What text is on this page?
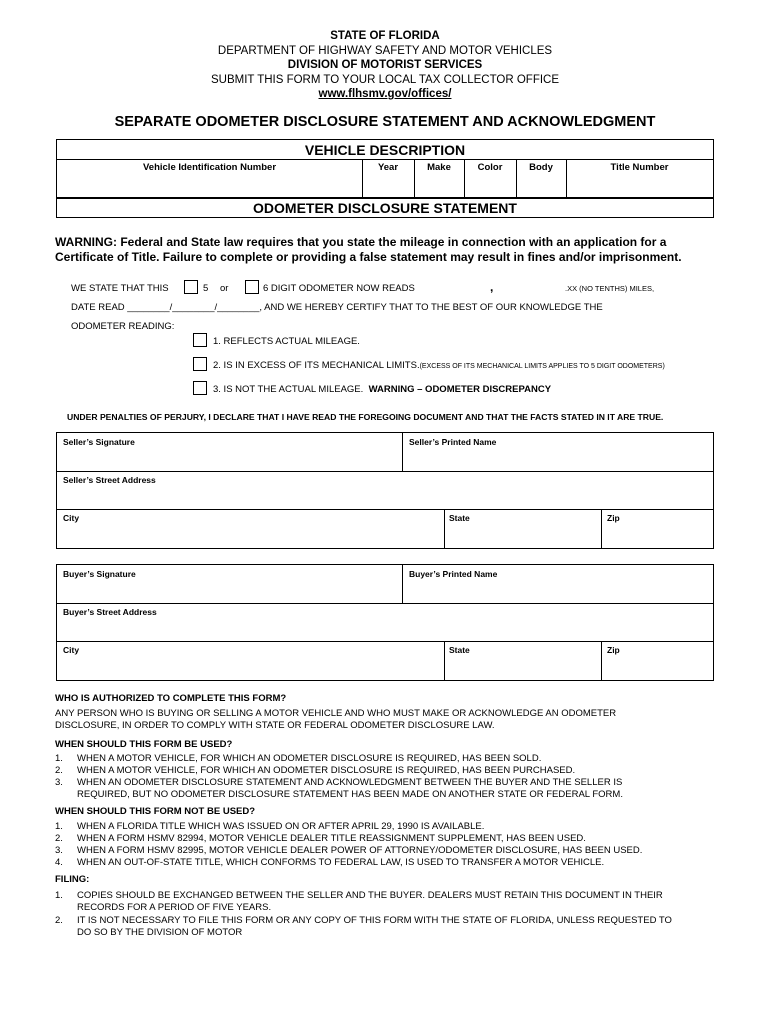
STATE OF FLORIDA
DEPARTMENT OF HIGHWAY SAFETY AND MOTOR VEHICLES
DIVISION OF MOTORIST SERVICES
SUBMIT THIS FORM TO YOUR LOCAL TAX COLLECTOR OFFICE
www.flhsmv.gov/offices/
SEPARATE ODOMETER DISCLOSURE STATEMENT AND ACKNOWLEDGMENT
VEHICLE DESCRIPTION
Vehicle Identification Number	Year	Make	Color	Body	Title Number
ODOMETER DISCLOSURE STATEMENT
WARNING: Federal and State law requires that you state the mileage in connection with an application for a
Certificate of Title. Failure to complete or providing a false statement may result in fines and/or imprisonment.
WE STATE THAT THIS	5 or	6 DIGIT ODOMETER NOW READS	,	.XX (NO TENTHS) MILES,
DATE READ ________/________/________, AND WE HEREBY CERTIFY THAT TO THE BEST OF OUR KNOWLEDGE THE
ODOMETER READING:
1. REFLECTS ACTUAL MILEAGE.
2. IS IN EXCESS OF ITS MECHANICAL LIMITS.(EXCESS OF ITS MECHANICAL LIMITS APPLIES TO 5 DIGIT ODOMETERS)
3. IS NOT THE ACTUAL MILEAGE. WARNING – ODOMETER DISCREPANCY
UNDER PENALTIES OF PERJURY, I DECLARE THAT I HAVE READ THE FOREGOING DOCUMENT AND THAT THE FACTS STATED IN IT ARE TRUE.
Seller’s Signature	Seller’s Printed Name
Seller’s Street Address
City	State	Zip
Buyer’s Signature	Buyer’s Printed Name
Buyer’s Street Address
City	State	Zip
WHO IS AUTHORIZED TO COMPLETE THIS FORM?
ANY PERSON WHO IS BUYING OR SELLING A MOTOR VEHICLE AND WHO MUST MAKE OR ACKNOWLEDGE AN ODOMETER
DISCLOSURE, IN ORDER TO COMPLY WITH STATE OR FEDERAL ODOMETER DISCLOSURE LAW.
WHEN SHOULD THIS FORM BE USED?
1. WHEN A MOTOR VEHICLE, FOR WHICH AN ODOMETER DISCLOSURE IS REQUIRED, HAS BEEN SOLD.
2. WHEN A MOTOR VEHICLE, FOR WHICH AN ODOMETER DISCLOSURE IS REQUIRED, HAS BEEN PURCHASED.
3. WHEN AN ODOMETER DISCLOSURE STATEMENT AND ACKNOWLEDGMENT BETWEEN THE BUYER AND THE SELLER IS
REQUIRED, BUT NO ODOMETER DISCLOSURE STATEMENT HAS BEEN MADE ON ANOTHER STATE OR FEDERAL FORM.
WHEN SHOULD THIS FORM NOT BE USED?
1. WHEN A FLORIDA TITLE WHICH WAS ISSUED ON OR AFTER APRIL 29, 1990 IS AVAILABLE.
2. WHEN A FORM HSMV 82994, MOTOR VEHICLE DEALER TITLE REASSIGNMENT SUPPLEMENT, HAS BEEN USED.
3. WHEN A FORM HSMV 82995, MOTOR VEHICLE DEALER POWER OF ATTORNEY/ODOMETER DISCLOSURE, HAS BEEN USED.
4. WHEN AN OUT-OF-STATE TITLE, WHICH CONFORMS TO FEDERAL LAW, IS USED TO TRANSFER A MOTOR VEHICLE.
FILING:
1. COPIES SHOULD BE EXCHANGED BETWEEN THE SELLER AND THE BUYER. DEALERS MUST RETAIN THIS DOCUMENT IN THEIR
RECORDS FOR A PERIOD OF FIVE YEARS.
2. IT IS NOT NECESSARY TO FILE THIS FORM OR ANY COPY OF THIS FORM WITH THE STATE OF FLORIDA, UNLESS REQUESTED TO
DO SO BY THE DIVISION OF MOTOR
